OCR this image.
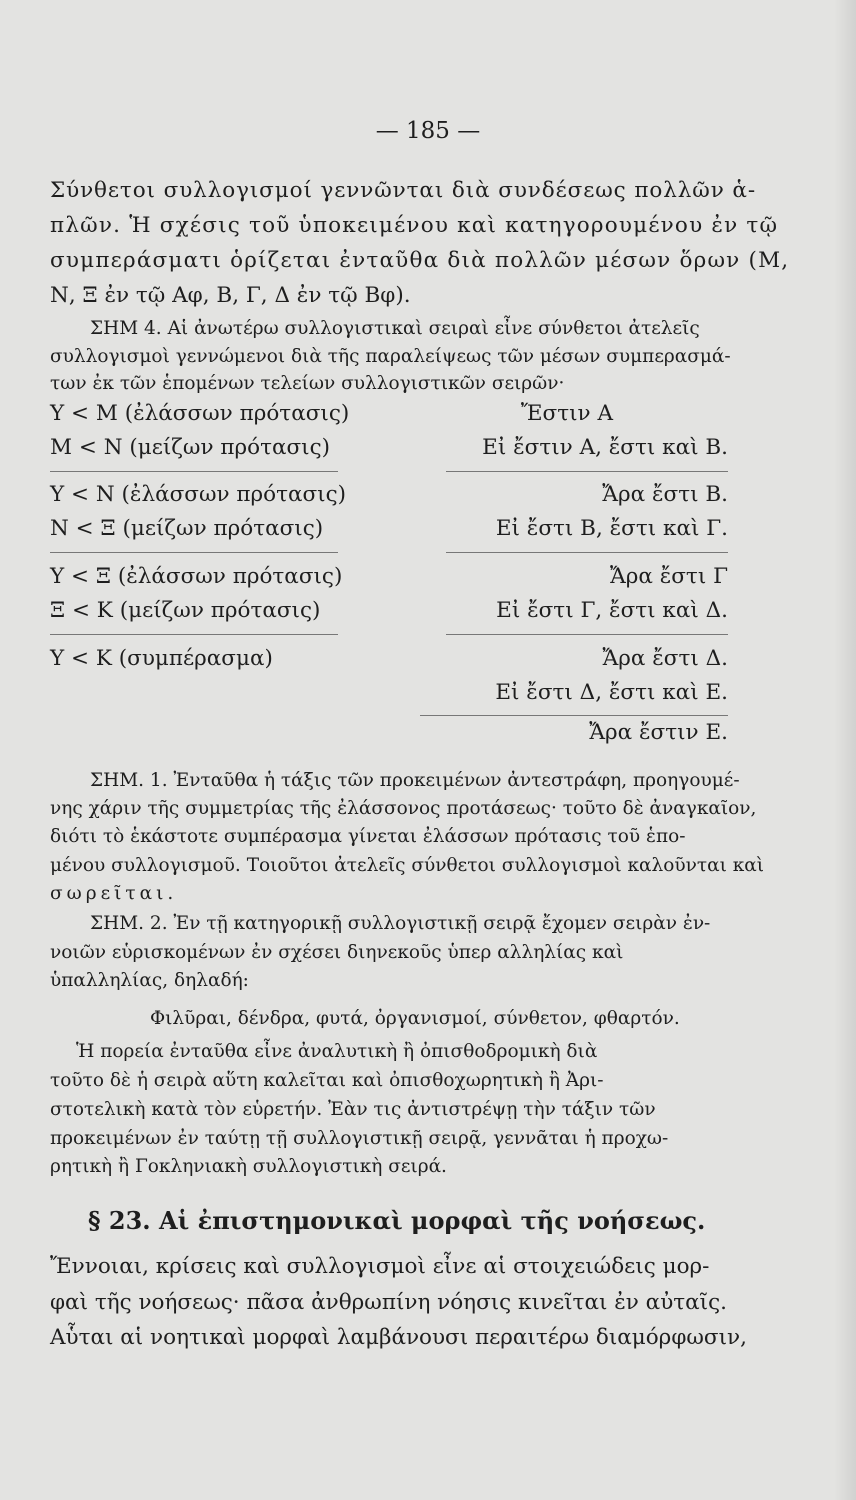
— 185 —
Σύνθετοι συλλογισμοί γεννῶνται διὰ συνδέσεως πολλῶν ἁ-
πλῶν. Ἡ σχέσις τοῦ ὑποκειμένου καὶ κατηγορουμένου ἐν τῷ
συμπεράσματι ὁρίζεται ἐνταῦθα διὰ πολλῶν μέσων ὅρων (Μ,
Ν, Ξ ἐν τῷ Αφ, Β, Γ, Δ ἐν τῷ Βφ).
ΣΗΜ 4. Αἱ ἀνωτέρω συλλογιστικαὶ σειραὶ εἶνε σύνθετοι ἀτελεῖς
συλλογισμοὶ γεννώμενοι διὰ τῆς παραλείψεως τῶν μέσων συμπερασμά-
των ἐκ τῶν ἑπομένων τελείων συλλογιστικῶν σειρῶν·
Υ < Μ (ἐλάσσων πρότασις)
Μ < Ν (μείζων πρότασις)
Υ < Ν (ἐλάσσων πρότασις)
Ν < Ξ (μείζων πρότασις)
Υ < Ξ (ἐλάσσων πρότασις)
Ξ < Κ (μείζων πρότασις)
Υ < Κ (συμπέρασμα)
Ἔστιν Α
Εἰ ἔστιν Α, ἔστι καὶ Β.
Ἄρα ἔστι Β.
Εἰ ἔστι Β, ἔστι καὶ Γ.
Ἄρα ἔστι Γ
Εἰ ἔστι Γ, ἔστι καὶ Δ.
Ἄρα ἔστι Δ.
Εἰ ἔστι Δ, ἔστι καὶ Ε.
Ἄρα ἔστιν Ε.
ΣΗΜ. 1. Ἐνταῦθα ἡ τάξις τῶν προκειμένων ἀντεστράφη, προηγουμέ-
νης χάριν τῆς συμμετρίας τῆς ἐλάσσονος προτάσεως· τοῦτο δὲ ἀναγκαῖον,
διότι τὸ ἑκάστοτε συμπέρασμα γίνεται ἐλάσσων πρότασις τοῦ ἑπο-
μένου συλλογισμοῦ. Τοιοῦτοι ἀτελεῖς σύνθετοι συλλογισμοὶ καλοῦνται καὶ
σωρεῖται.
ΣΗΜ. 2. Ἐν τῇ κατηγορικῇ συλλογιστικῇ σειρᾷ ἔχομεν σειρὰν ἐν-
νοιῶν εὑρισκομένων ἐν σχέσει διηνεκοῦς ὑπερ αλληλίας καὶ
ὑπαλληλίας, δηλαδή:
Φιλῦραι, δένδρα, φυτά, ὀργανισμοί, σύνθετον, φθαρτόν.
Ἡ πορεία ἐνταῦθα εἶνε ἀναλυτικὴ ἢ ὀπισθοδρομικὴ διὰ
τοῦτο δὲ ἡ σειρὰ αὕτη καλεῖται καὶ ὀπισθοχωρητικὴ ἢ Ἀρι-
στοτελικὴ κατὰ τὸν εὑρετήν. Ἐὰν τις ἀντιστρέψῃ τὴν τάξιν τῶν
προκειμένων ἐν ταύτῃ τῇ συλλογιστικῇ σειρᾷ, γεννᾶται ἡ προχω-
ρητικὴ ἢ Γοκληνιακὴ συλλογιστικὴ σειρά.
§ 23. Αἱ ἐπιστημονικαὶ μορφαὶ τῆς νοήσεως.
Ἔννοιαι, κρίσεις καὶ συλλογισμοὶ εἶνε αἱ στοιχειώδεις μορ-
φαὶ τῆς νοήσεως· πᾶσα ἀνθρωπίνη νόησις κινεῖται ἐν αὐταῖς.
Αὗται αἱ νοητικαὶ μορφαὶ λαμβάνουσι περαιτέρω διαμόρφωσιν,
